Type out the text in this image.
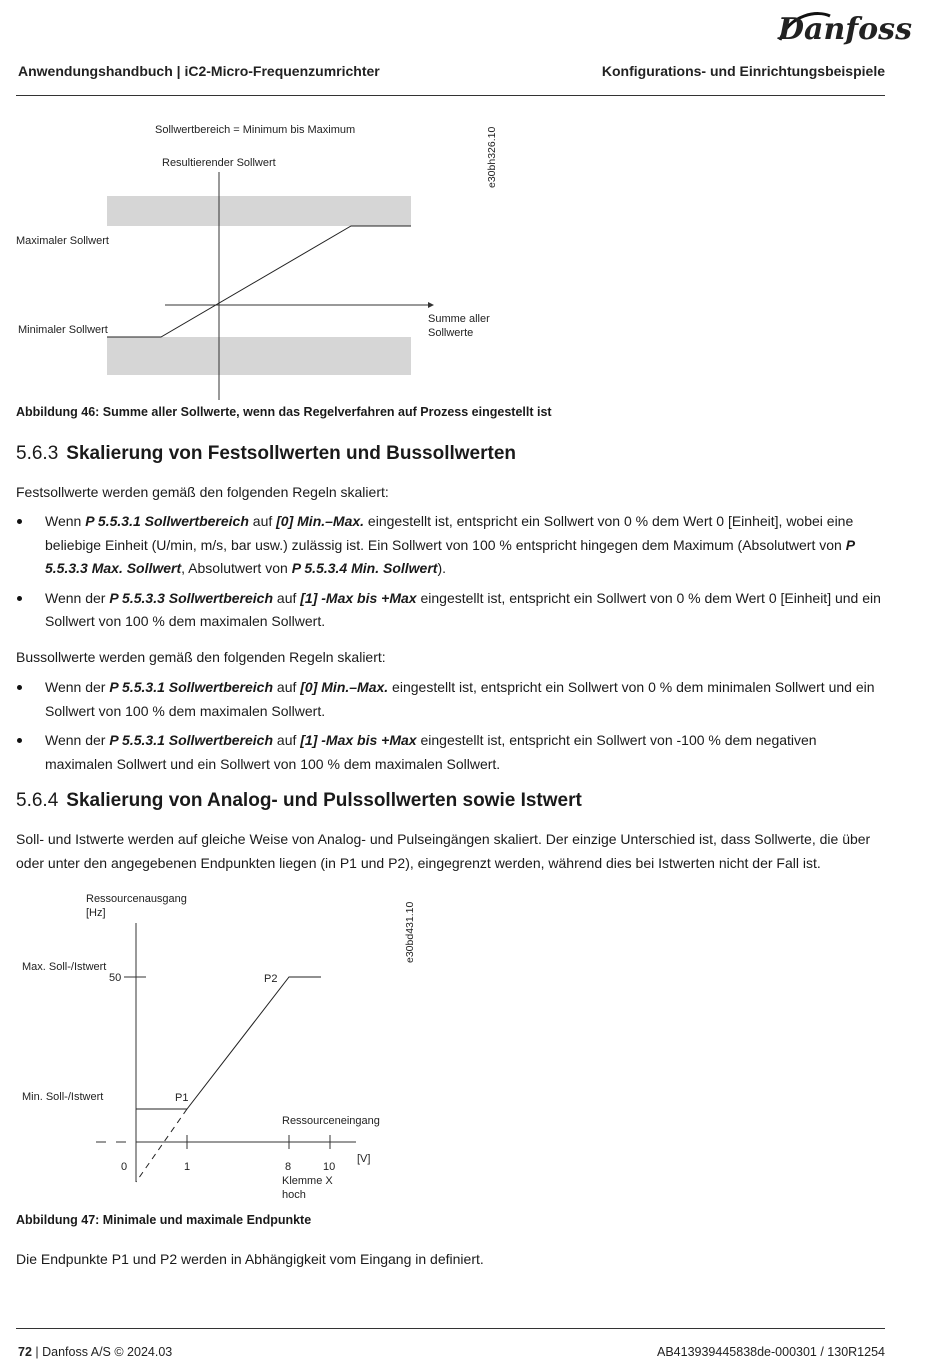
Danfoss
Anwendungshandbuch | iC2-Micro-Frequenzumrichter	Konfigurations- und Einrichtungsbeispiele
Sollwertbereich = Minimum bis Maximum
Resultierender Sollwert
Maximaler Sollwert
Minimaler Sollwert
Summe aller
Sollwerte
e30bh326.10
Abbildung 46: Summe aller Sollwerte, wenn das Regelverfahren auf Prozess eingestellt ist
5.6.3 Skalierung von Festsollwerten und Bussollwerten
Festsollwerte werden gemäß den folgenden Regeln skaliert:
Wenn P 5.5.3.1 Sollwertbereich auf [0] Min.–Max. eingestellt ist, entspricht ein Sollwert von 0 % dem Wert 0 [Einheit], wobei eine beliebige Einheit (U/min, m/s, bar usw.) zulässig ist. Ein Sollwert von 100 % entspricht hingegen dem Maximum (Absolutwert von P 5.5.3.3 Max. Sollwert, Absolutwert von P 5.5.3.4 Min. Sollwert).
Wenn der P 5.5.3.3 Sollwertbereich auf [1] -Max bis +Max eingestellt ist, entspricht ein Sollwert von 0 % dem Wert 0 [Einheit] und ein Sollwert von 100 % dem maximalen Sollwert.
Bussollwerte werden gemäß den folgenden Regeln skaliert:
Wenn der P 5.5.3.1 Sollwertbereich auf [0] Min.–Max. eingestellt ist, entspricht ein Sollwert von 0 % dem minimalen Sollwert und ein Sollwert von 100 % dem maximalen Sollwert.
Wenn der P 5.5.3.1 Sollwertbereich auf [1] -Max bis +Max eingestellt ist, entspricht ein Sollwert von -100 % dem negativen maximalen Sollwert und ein Sollwert von 100 % dem maximalen Sollwert.
5.6.4 Skalierung von Analog- und Pulssollwerten sowie Istwert
Soll- und Istwerte werden auf gleiche Weise von Analog- und Pulseingängen skaliert. Der einzige Unterschied ist, dass Sollwerte, die über oder unter den angegebenen Endpunkten liegen (in P1 und P2), eingegrenzt werden, während dies bei Istwerten nicht der Fall ist.
Ressourcenausgang
[Hz]
Max. Soll-/Istwert
50	P2
Min. Soll-/Istwert	P1
Ressourceneingang
[V]
0	1	8	10
Klemme X
hoch
e30bd431.10
Abbildung 47: Minimale und maximale Endpunkte
Die Endpunkte P1 und P2 werden in Abhängigkeit vom Eingang in definiert.
72 | Danfoss A/S © 2024.03	AB413939445838de-000301 / 130R1254
